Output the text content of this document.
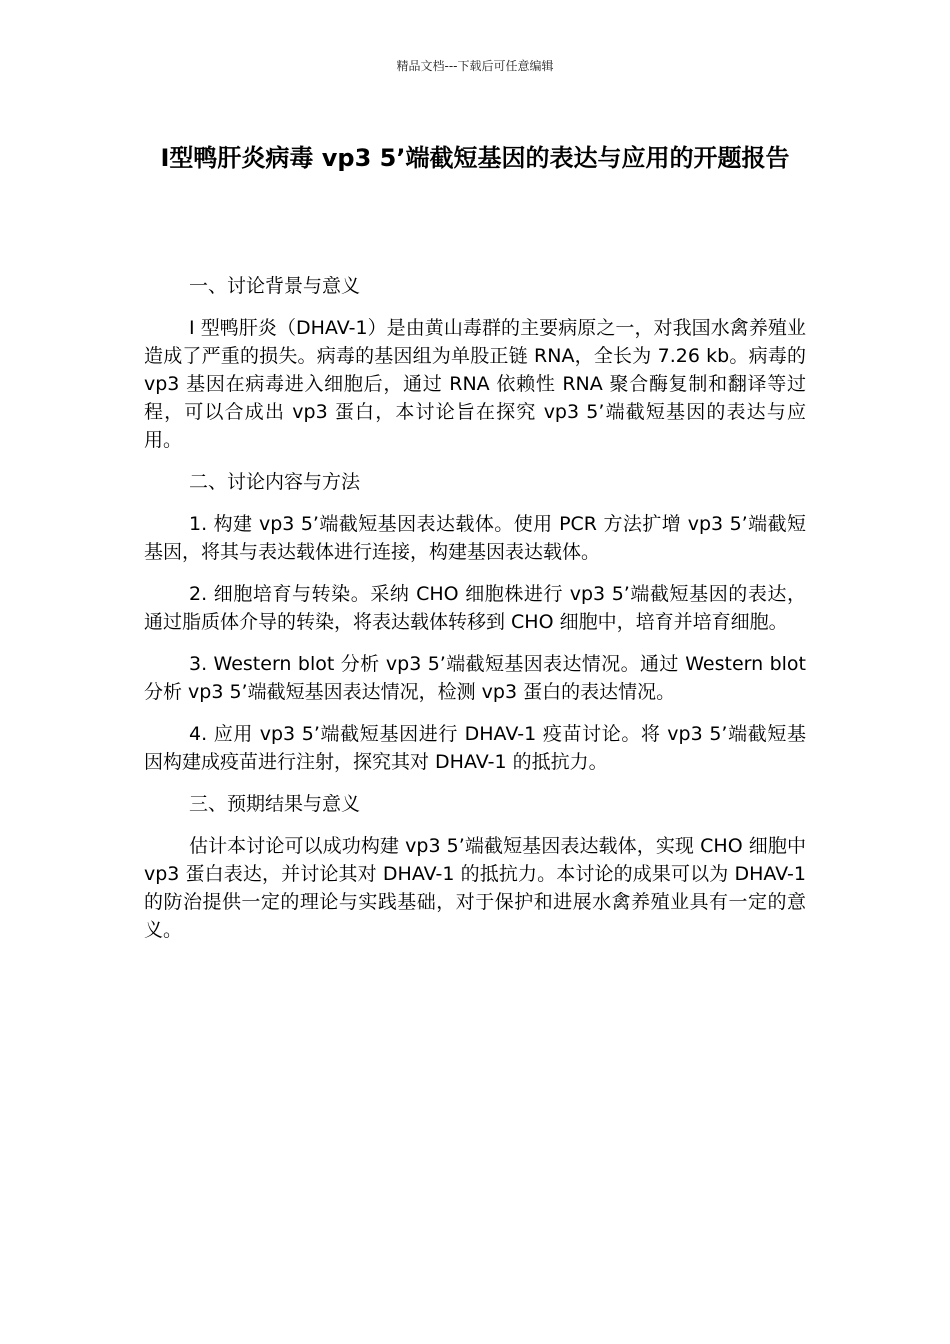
精品文档---下载后可任意编辑
Ⅰ型鸭肝炎病毒 vp3 5’端截短基因的表达与应用的开题报告

一、讨论背景与意义

I 型鸭肝炎（DHAV-1）是由黄山毒群的主要病原之一，对我国水禽养殖业造成了严重的损失。病毒的基因组为单股正链 RNA，全长为 7.26 kb。病毒的 vp3 基因在病毒进入细胞后，通过 RNA 依赖性 RNA 聚合酶复制和翻译等过程，可以合成出 vp3 蛋白，本讨论旨在探究 vp3 5’端截短基因的表达与应用。

二、讨论内容与方法

1. 构建 vp3 5’端截短基因表达载体。使用 PCR 方法扩增 vp3 5’端截短基因，将其与表达载体进行连接，构建基因表达载体。

2. 细胞培育与转染。采纳 CHO 细胞株进行 vp3 5’端截短基因的表达，通过脂质体介导的转染，将表达载体转移到 CHO 细胞中，培育并培育细胞。

3. Western blot 分析 vp3 5’端截短基因表达情况。通过 Western blot 分析 vp3 5’端截短基因表达情况，检测 vp3 蛋白的表达情况。

4. 应用 vp3 5’端截短基因进行 DHAV-1 疫苗讨论。将 vp3 5’端截短基因构建成疫苗进行注射，探究其对 DHAV-1 的抵抗力。

三、预期结果与意义

估计本讨论可以成功构建 vp3 5’端截短基因表达载体，实现 CHO 细胞中 vp3 蛋白表达，并讨论其对 DHAV-1 的抵抗力。本讨论的成果可以为 DHAV-1 的防治提供一定的理论与实践基础，对于保护和进展水禽养殖业具有一定的意义。
